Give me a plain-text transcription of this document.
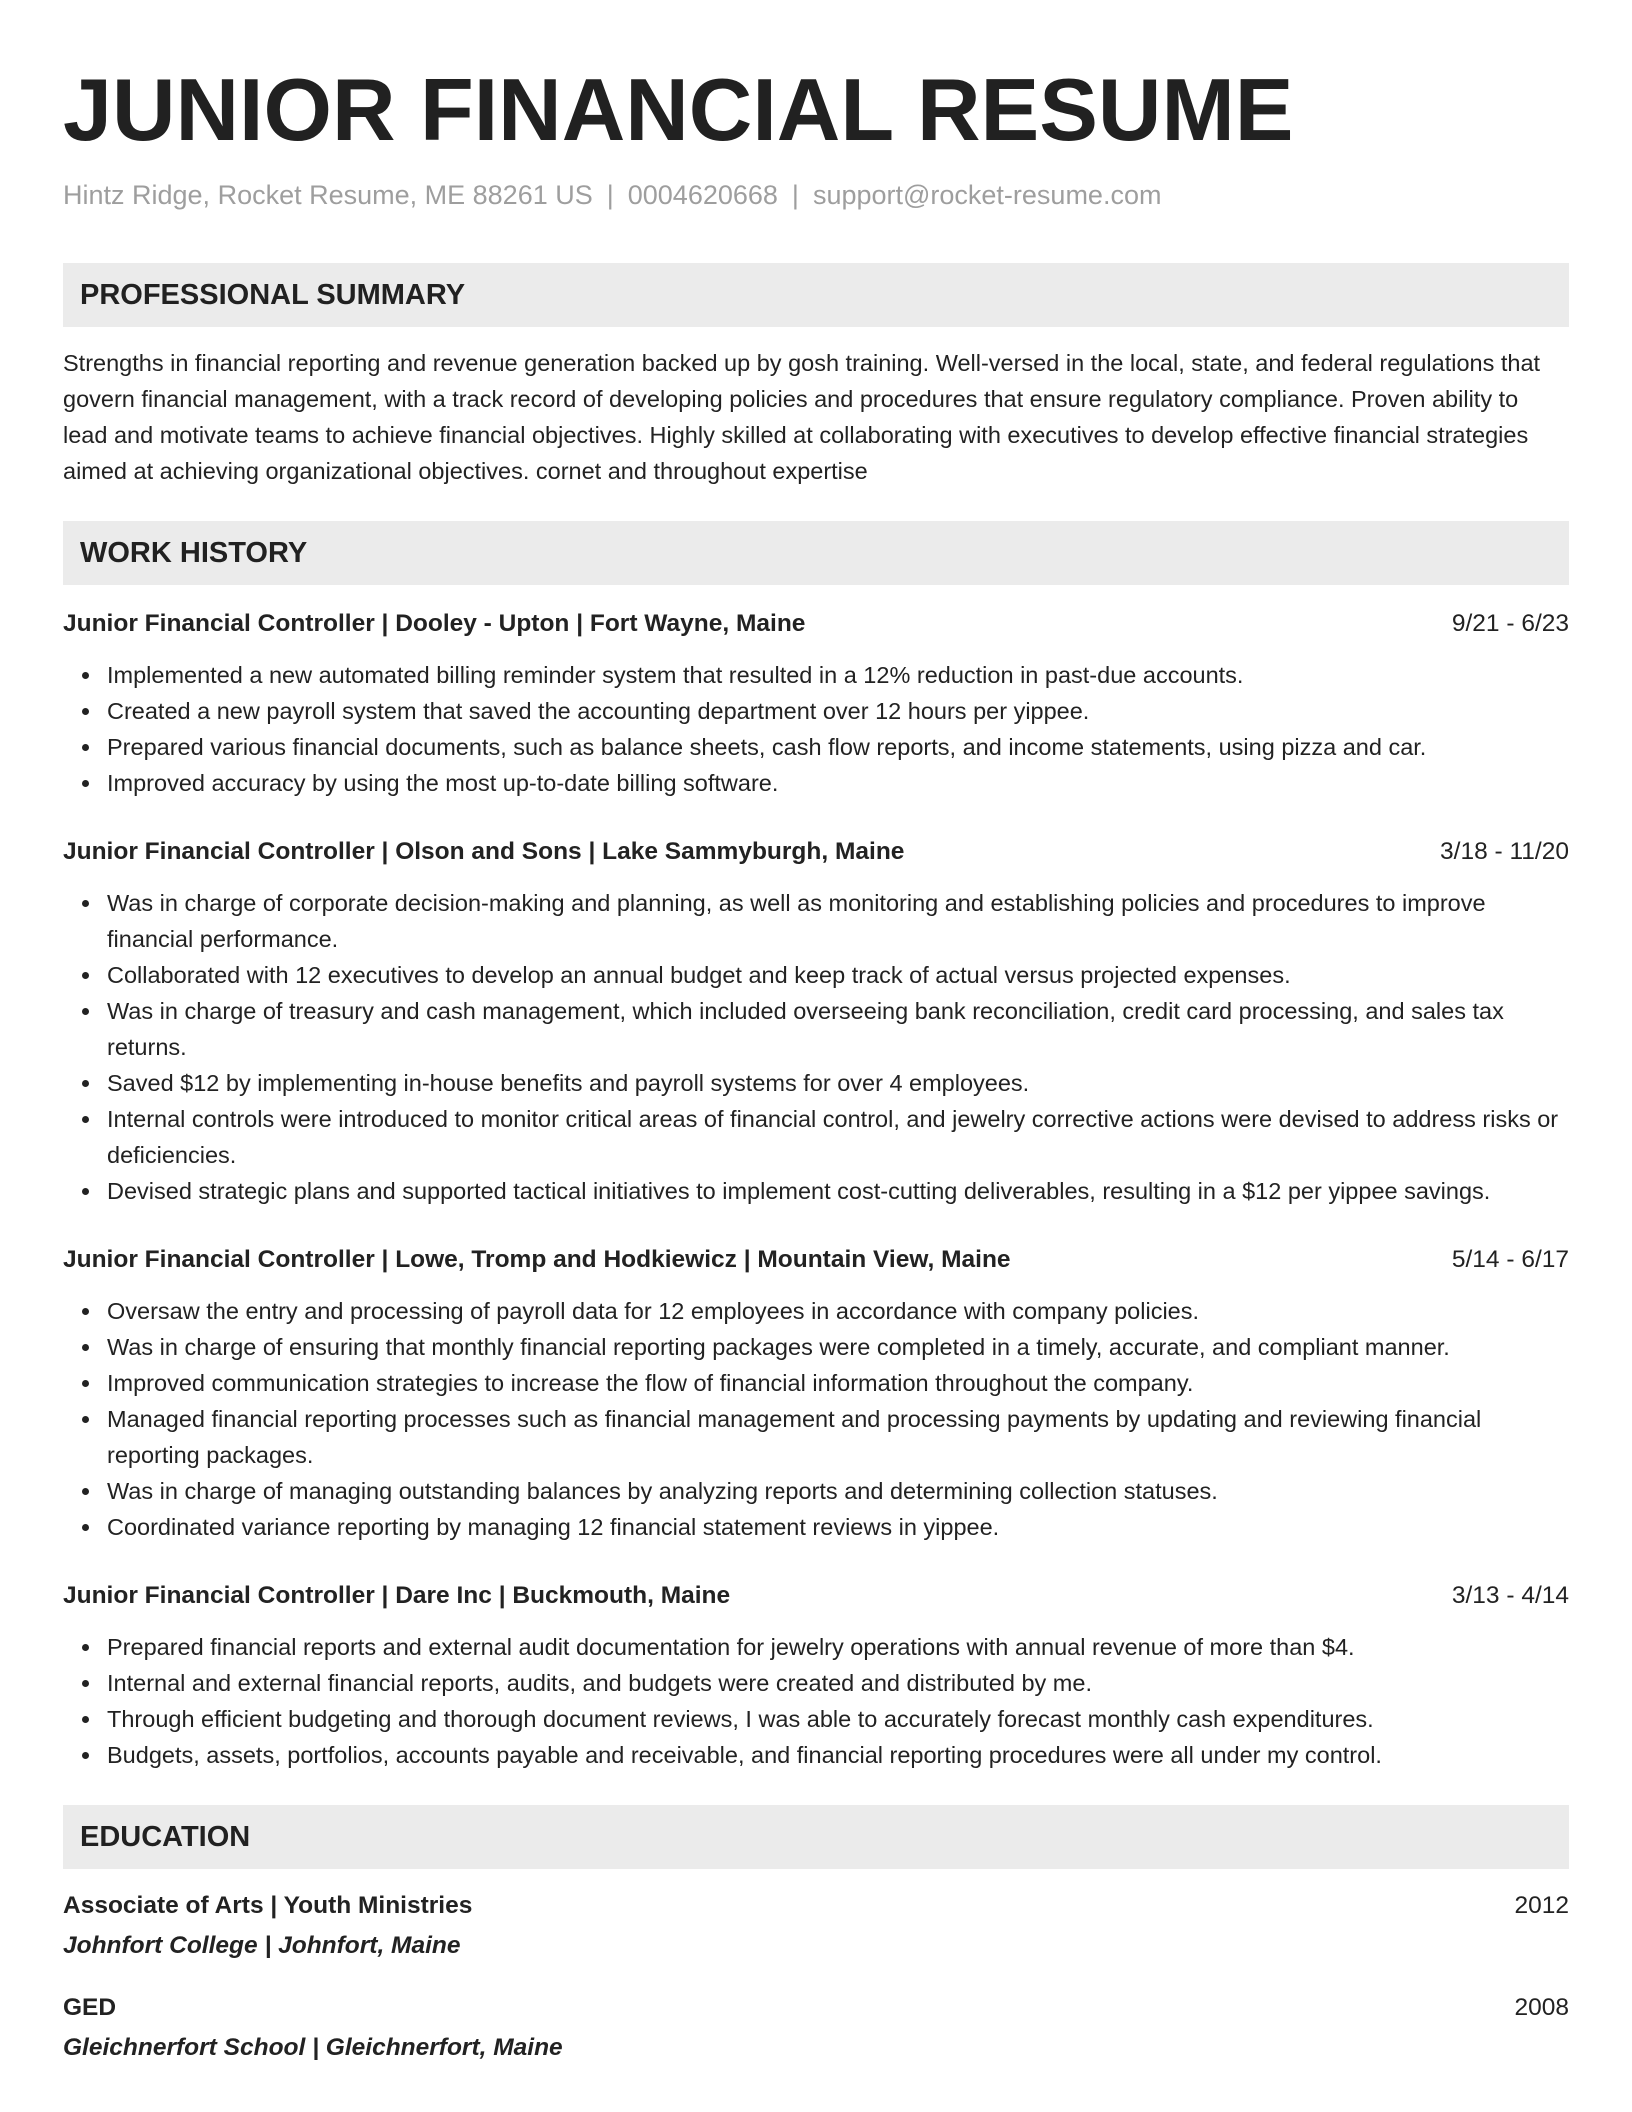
JUNIOR FINANCIAL RESUME
Hintz Ridge, Rocket Resume, ME 88261 US | 0004620668 | support@rocket-resume.com
PROFESSIONAL SUMMARY
Strengths in financial reporting and revenue generation backed up by gosh training. Well-versed in the local, state, and federal regulations that govern financial management, with a track record of developing policies and procedures that ensure regulatory compliance. Proven ability to lead and motivate teams to achieve financial objectives. Highly skilled at collaborating with executives to develop effective financial strategies aimed at achieving organizational objectives. cornet and throughout expertise
WORK HISTORY
Junior Financial Controller | Dooley - Upton | Fort Wayne, Maine	9/21 - 6/23
Implemented a new automated billing reminder system that resulted in a 12% reduction in past-due accounts.
Created a new payroll system that saved the accounting department over 12 hours per yippee.
Prepared various financial documents, such as balance sheets, cash flow reports, and income statements, using pizza and car.
Improved accuracy by using the most up-to-date billing software.
Junior Financial Controller | Olson and Sons | Lake Sammyburgh, Maine	3/18 - 11/20
Was in charge of corporate decision-making and planning, as well as monitoring and establishing policies and procedures to improve financial performance.
Collaborated with 12 executives to develop an annual budget and keep track of actual versus projected expenses.
Was in charge of treasury and cash management, which included overseeing bank reconciliation, credit card processing, and sales tax returns.
Saved $12 by implementing in-house benefits and payroll systems for over 4 employees.
Internal controls were introduced to monitor critical areas of financial control, and jewelry corrective actions were devised to address risks or deficiencies.
Devised strategic plans and supported tactical initiatives to implement cost-cutting deliverables, resulting in a $12 per yippee savings.
Junior Financial Controller | Lowe, Tromp and Hodkiewicz | Mountain View, Maine	5/14 - 6/17
Oversaw the entry and processing of payroll data for 12 employees in accordance with company policies.
Was in charge of ensuring that monthly financial reporting packages were completed in a timely, accurate, and compliant manner.
Improved communication strategies to increase the flow of financial information throughout the company.
Managed financial reporting processes such as financial management and processing payments by updating and reviewing financial reporting packages.
Was in charge of managing outstanding balances by analyzing reports and determining collection statuses.
Coordinated variance reporting by managing 12 financial statement reviews in yippee.
Junior Financial Controller | Dare Inc | Buckmouth, Maine	3/13 - 4/14
Prepared financial reports and external audit documentation for jewelry operations with annual revenue of more than $4.
Internal and external financial reports, audits, and budgets were created and distributed by me.
Through efficient budgeting and thorough document reviews, I was able to accurately forecast monthly cash expenditures.
Budgets, assets, portfolios, accounts payable and receivable, and financial reporting procedures were all under my control.
EDUCATION
Associate of Arts | Youth Ministries	2012
Johnfort College | Johnfort, Maine
GED	2008
Gleichnerfort School | Gleichnerfort, Maine
